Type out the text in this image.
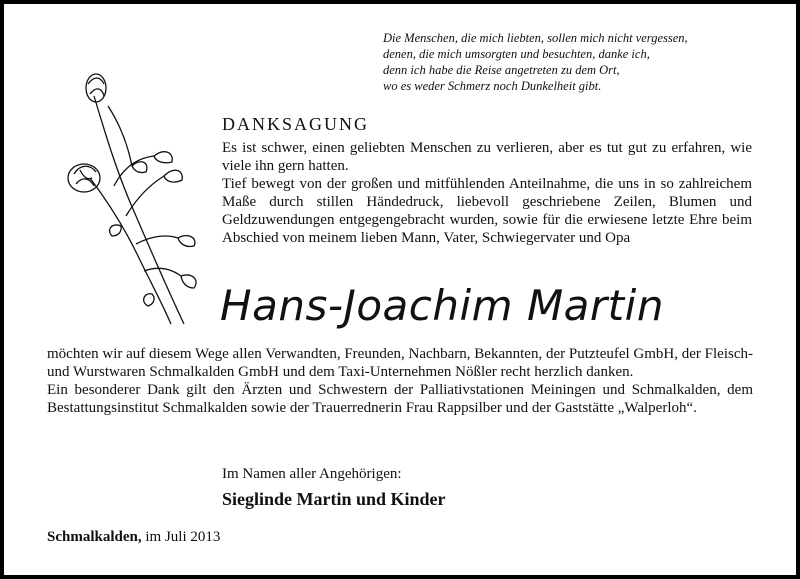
Die Menschen, die mich liebten, sollen mich nicht vergessen,
denen, die mich umsorgten und besuchten, danke ich,
denn ich habe die Reise angetreten zu dem Ort,
wo es weder Schmerz noch Dunkelheit gibt.
DANKSAGUNG

Es ist schwer, einen geliebten Menschen zu verlieren, aber es tut gut zu erfahren, wie viele ihn gern hatten.

Tief bewegt von der großen und mitfühlenden Anteilnahme, die uns in so zahlreichem Maße durch stillen Händedruck, liebevoll geschriebene Zeilen, Blumen und Geldzuwendungen entgegengebracht wurden, sowie für die erwiesene letzte Ehre beim Abschied von meinem lieben Mann, Vater, Schwiegervater und Opa

Hans-Joachim Martin

möchten wir auf diesem Wege allen Verwandten, Freunden, Nachbarn, Bekannten, der Putzteufel GmbH, der Fleisch- und Wurstwaren Schmalkalden GmbH und dem Taxi-Unternehmen Nößler recht herzlich danken.

Ein besonderer Dank gilt den Ärzten und Schwestern der Palliativstationen Meiningen und Schmalkalden, dem Bestattungsinstitut Schmalkalden sowie der Trauerrednerin Frau Rappsilber und der Gaststätte „Walperloh“.

Im Namen aller Angehörigen:
Sieglinde Martin und Kinder
Schmalkalden, im Juli 2013
